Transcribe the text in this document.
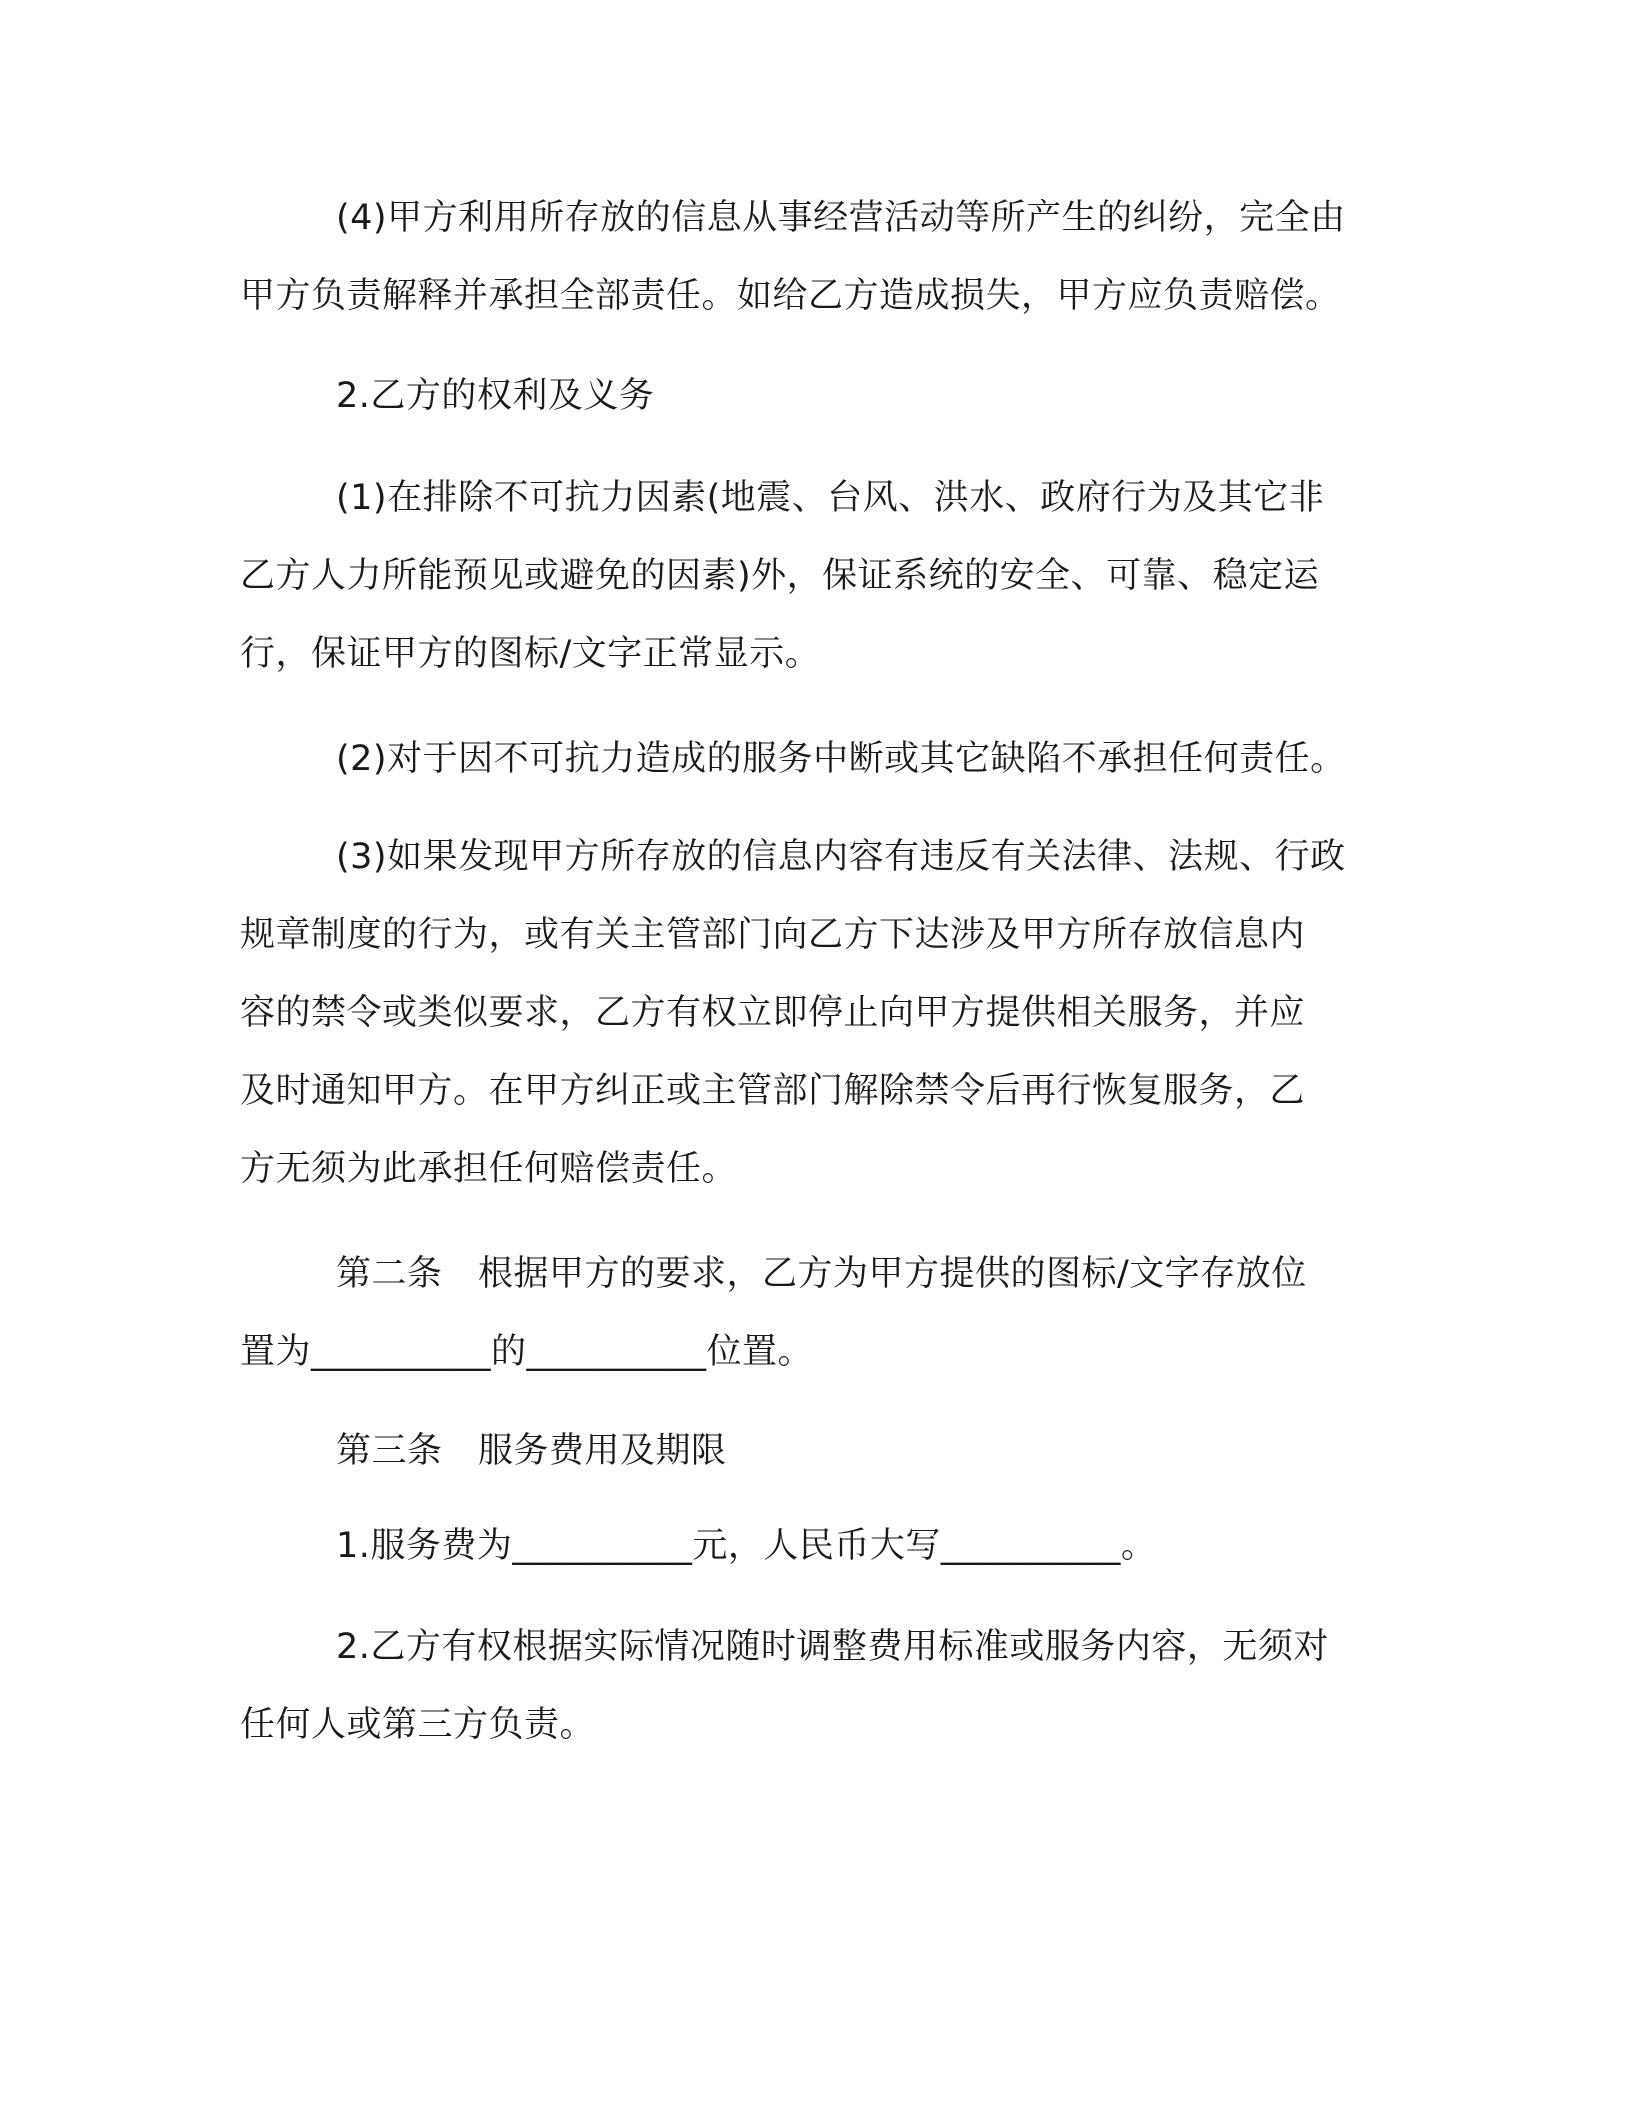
(4)甲方利用所存放的信息从事经营活动等所产生的纠纷，完全由
甲方负责解释并承担全部责任。如给乙方造成损失，甲方应负责赔偿。
2.乙方的权利及义务
(1)在排除不可抗力因素(地震、台风、洪水、政府行为及其它非
乙方人力所能预见或避免的因素)外，保证系统的安全、可靠、稳定运
行，保证甲方的图标/文字正常显示。
(2)对于因不可抗力造成的服务中断或其它缺陷不承担任何责任。
(3)如果发现甲方所存放的信息内容有违反有关法律、法规、行政
规章制度的行为，或有关主管部门向乙方下达涉及甲方所存放信息内
容的禁令或类似要求，乙方有权立即停止向甲方提供相关服务，并应
及时通知甲方。在甲方纠正或主管部门解除禁令后再行恢复服务，乙
方无须为此承担任何赔偿责任。
第二条　根据甲方的要求，乙方为甲方提供的图标/文字存放位
置为__________的__________位置。
第三条　服务费用及期限
1.服务费为__________元，人民币大写__________。
2.乙方有权根据实际情况随时调整费用标准或服务内容，无须对
任何人或第三方负责。
